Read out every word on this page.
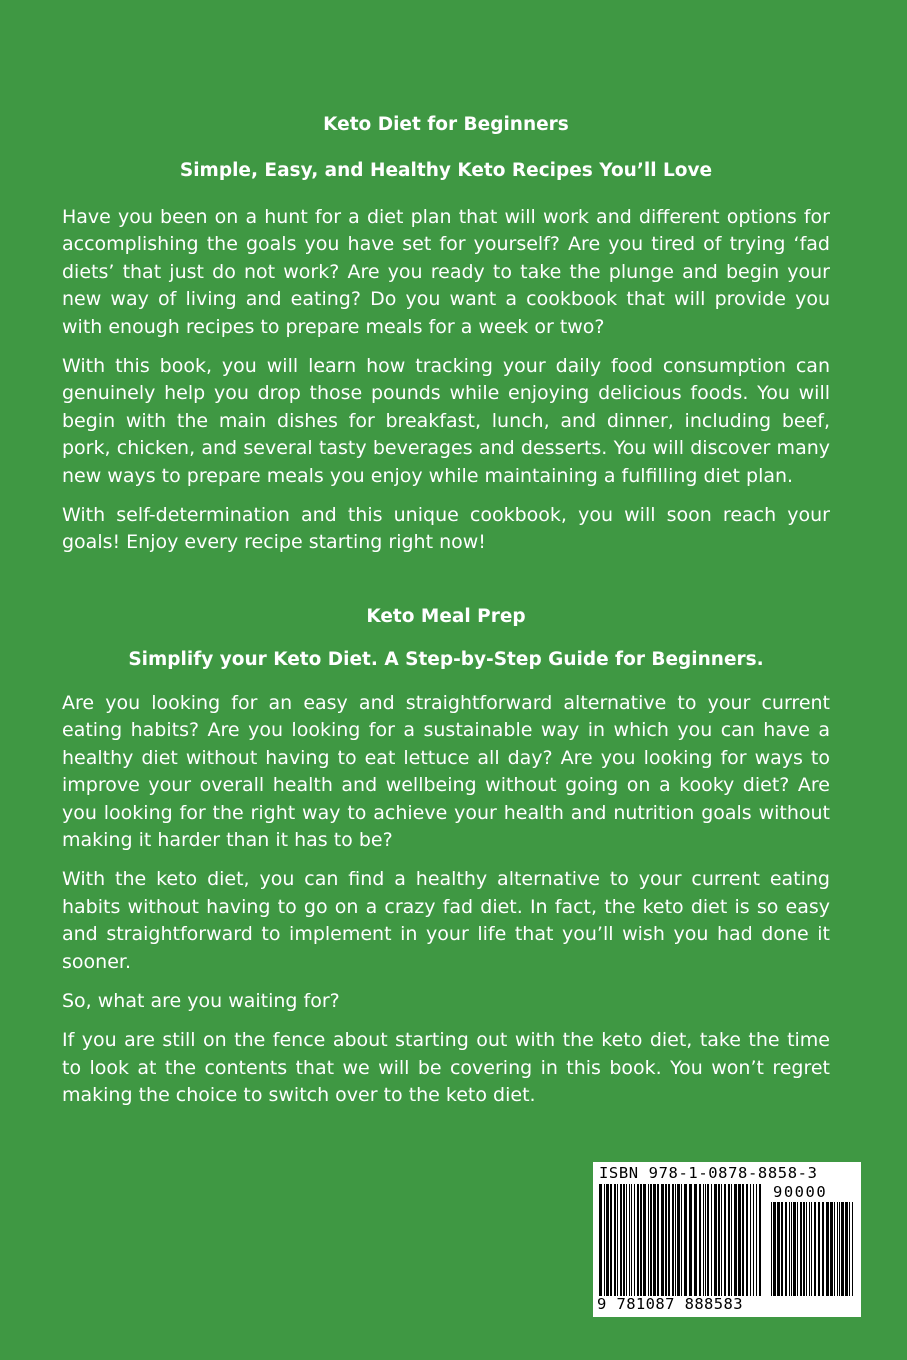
Keto Diet for Beginners

Simple, Easy, and Healthy Keto Recipes You’ll Love

Have you been on a hunt for a diet plan that will work and different options for accomplishing the goals you have set for yourself? Are you tired of trying ‘fad diets’ that just do not work? Are you ready to take the plunge and begin your new way of living and eating? Do you want a cookbook that will provide you with enough recipes to prepare meals for a week or two?

With this book, you will learn how tracking your daily food consumption can genuinely help you drop those pounds while enjoying delicious foods. You will begin with the main dishes for breakfast, lunch, and dinner, including beef, pork, chicken, and several tasty beverages and desserts. You will discover many new ways to prepare meals you enjoy while maintaining a fulfilling diet plan.

With self-determination and this unique cookbook, you will soon reach your goals! Enjoy every recipe starting right now!

Keto Meal Prep

Simplify your Keto Diet. A Step-by-Step Guide for Beginners.

Are you looking for an easy and straightforward alternative to your current eating habits? Are you looking for a sustainable way in which you can have a healthy diet without having to eat lettuce all day? Are you looking for ways to improve your overall health and wellbeing without going on a kooky diet? Are you looking for the right way to achieve your health and nutrition goals without making it harder than it has to be?

With the keto diet, you can find a healthy alternative to your current eating habits without having to go on a crazy fad diet. In fact, the keto diet is so easy and straightforward to implement in your life that you’ll wish you had done it sooner.

So, what are you waiting for?

If you are still on the fence about starting out with the keto diet, take the time to look at the contents that we will be covering in this book. You won’t regret making the choice to switch over to the keto diet.

ISBN 978-1-0878-8858-3
90000
9 781087 888583
